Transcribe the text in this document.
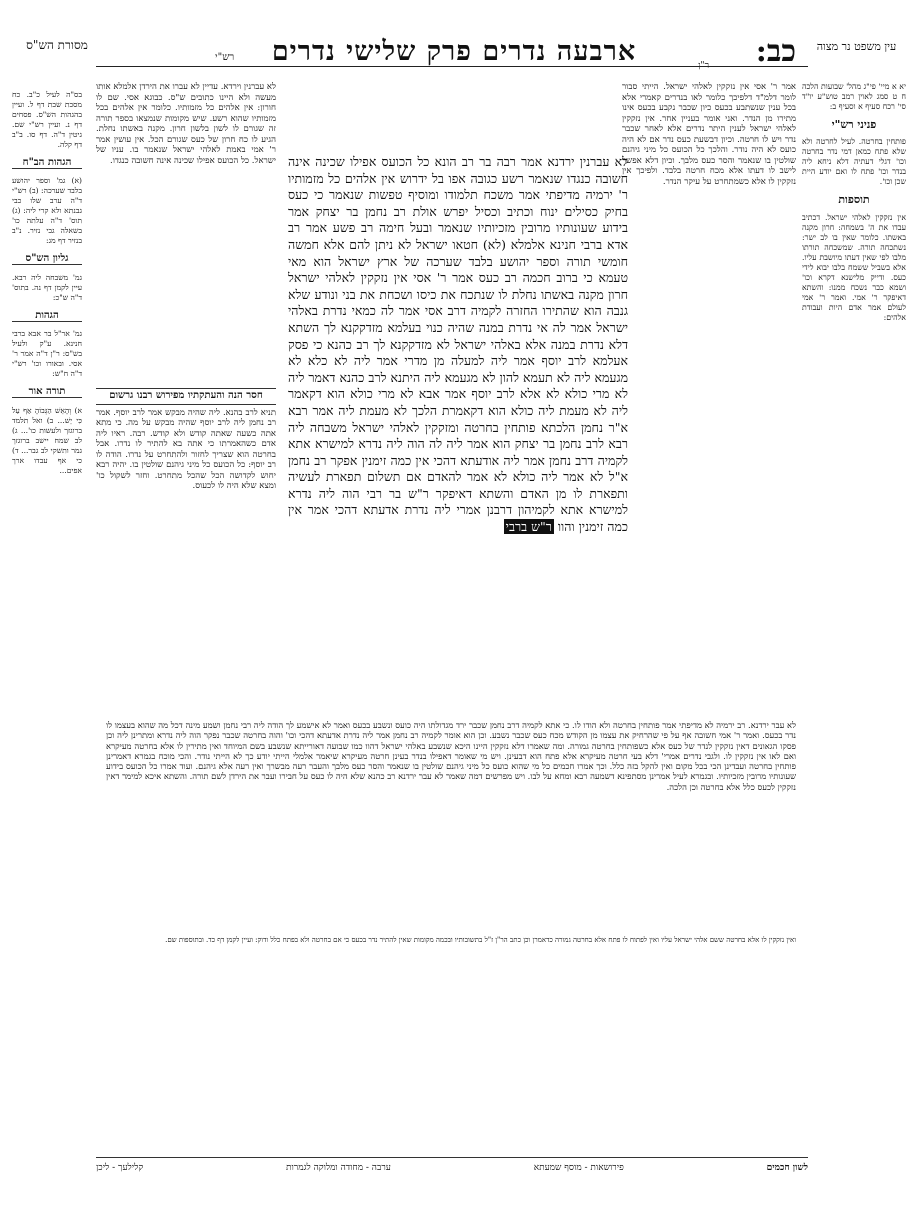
עין משפט נר מצוה
כב:
ארבעה נדרים פרק שלישי נדרים	ר"ן
רש"י
מסורת הש"ס

יא א מיי' פי"ג מהל' שבועות הלכה ח ט סמג לאוין רמב טוש"ע יו"ד סי' רכח סעיף א וסעיף ב:

פניני רש"י

פותחין בחרטה. לעיל לחרטה ולא שלא פתח כמאן דמי נדר בחרטה וכו' דגלי דעתיה דלא ניחא ליה בנדר וכו' פתח לו ואם יודע היית שכן וכו'.

תוספות

אין נזקקין לאלהי ישראל. דכתיב עבדו את ה' בשמחה: חרון מקנה באשתו. כלומר שאין בו לב ישר: נשתכחה תורה. שמשכחה תורתו מלבו לפי שאין דעתו מיושבת עליו. אלא בשביל ששמח בלבו יבוא לידי כעס. ודייק מלישנא דקרא וכו' ושמא כבר נשכח ממנו: והשתא דאיפקר ר' אמי. ואמר ר' אמי לעולם אמר אדם היות ועבודת אלהים:

בס"ה לעיל כ"ב. כח מסכת שבת דף ל. ועיין בהגהות הש"ס. פסחים דף נ. ועיין רש"י שם. גיטין ד"ה. דף סו. ב"ב דף קלה.

הגהות הב"ח

(א) גמ' וספר יהושע בלבד שערכה: (ב) רש"י ד"ה ערב שלו כבי גבנתא ולא קרי ליה: (ג) תוס' ד"ה עלתה כו' בשאלה גבי נזיר. נ"ב בנזיר דף מג:

גליון הש"ס

גמ' משבחה ליה רבא. עיין לקמן דף נה. בתוס' ד"ה ש"כ:

הגהות

גמ' אר"ל בר אבא ברבי חנינא. ע"ק ולעיל בש"ס: ר"ן ד"ה אמר ר' אסי. ובאורו וכו' רש"י ד"ה ח"ש:

תורה אור

א) וְהָאֵשׁ הַגְּבוֹהָ אַף עַל כִּי יֵשׁ... ב) ואל תלמד ברוגזך ולעשות כו'... ג) לב שמח יישב ברוגזך גמר ותשקי לב גבר... ד) כי אף עבדו ארך אפים...

אמר ר' אסי אין נזקקין לאלהי ישראל. הייתי סבור לומר דלמ"ד דלפיכך כלומר לאו בנדרים קאמרי אלא בכל ענין שנשתבע בכעס כיון שכבר נקבע בכעס אינו מתירו מן הנדר. ואני אומר בעניין אחר. אין נזקקין לאלהי ישראל לענין היתר נדרים אלא לאחר שכבר נדר ויש לו חרטה. וכיון דבשעת כעס נדר אם לא היה כועס לא היה נודר. והלכך כל הכועס כל מיני גיהנם שולטין בו שנאמר והסר כעס מלבך. וכיון דלא אפשר לישב לו דעתו אלא מכח חרטה בלבד. ולפיכך אין נזקקין לו אלא כשמתחרט על עיקר הנדר.

לא עברנין וירדא. עדיין לא עברו את הירדן אלמלא אותו מעשה ולא היינו כתובים ש"ס. כבוגא אסי. שם לו חורון: אין אלהים כל מזמותיו. כלומר אין אלהים בכל מזמותיו שהוא רשע. שיש מקומות שנמצאו בספר תורה זה שגורם לו לשון בלשון חרון. מקנה באשתו נחלת. הגיע לו כח חרון של כעס שגורם הכל. אין עושין אמר ר' אמי באמת לאלהי ישראל שנאמר בו. עניו של ישראל. כל הכועס אפילו שכינה אינה חשובה כנגדו.

חסר הנה והעתקתיו מפירוש רבנו גרשום

תניא לרב בהנא. ליה שהיה מבקש אמר לרב יוסף. אמר רב נחמן ליה לרב יוסף שהיה מבקש על מה. כי מתא אתה כשעה שאתה קודש ולא קודש. רבה. ראיו ליה אדם כשהאמרתו כי אתה בא להתיר לו נדרו. אבל בחרטה הוא שצריך לחזור ולהתחרט על נדרו. הודה לו רב יוסף: כל הכועס כל מיני גיהנם שולטין בו. יהיה רבא יחוש לקדושה הכל שהכל מתחרט. וחזר לשקול כו' ומצא שלא היה לו לכעוס.

לא עברנין ירדנא אמר רבה בר רב הונא כל הכועס אפילו שכינה אינה חשובה כנגדו שנאמר רשע כגובה אפו בל ידרוש אין אלהים כל מזמותיו ר' ירמיה מדיפתי אמר משכח תלמודו ומוסיף טפשות שנאמר כי כעס בחיק כסילים ינוח וכתיב וכסיל יפרש אולת רב נחמן בר יצחק אמר בידוע שעונותיו מרובין מזכיותיו שנאמר ובעל חימה רב פשע אמר רב אדא ברבי חנינא אלמלא (לא) חטאו ישראל לא ניתן להם אלא חמשה חומשי תורה וספר יהושע בלבד שערכה של ארץ ישראל הוא מאי טעמא כי ברוב חכמה רב כעס אמר ר' אסי אין נזקקין לאלהי ישראל חרון מקנה באשתו נחלת לו שנתכח את כיסו ושכחת את בני ונודע שלא גנבה הוא שהתירו החזרה לקמיה דרב אסי אמר לה כמאי נדרת באלהי ישראל אמר לה אי נדרת במנה שהיה כנוי בעלמא מזדקקנא לך השתא דלא נדרת במנה אלא באלהי ישראל לא מזדקקנא לך רב כהנא כי פסק אעלמא לרב יוסף אמר ליה למעלה מן מדרי אמר ליה לא כלא לא מגעמא ליה לא תעמא להון לא מגעמא ליה היתנא לרב כהנא דאמר ליה לא מרי כולא לא אלא לרב יוסף אמר אבא לא מרי כולא הוא דקאמר ליה לא מעמת ליה כולא הוא דקאמרת הלכך לא מעמת ליה אמר רבא א"ר נחמן הלכתא פותחין בחרטה ומזקקין לאלהי ישראל משבחה ליה רבא לרב נחמן בר יצחק הוא אמר ליה לה הוה ליה נדרא למישרא אתא לקמיה דרב נחמן אמר ליה אודעתא דהכי אין כמה זימנין אפקר רב נחמן א"ל לא אמר ליה כולא לא אמר להאדם אם תשלום תפארת לעשיה ותפארת לו מן האדם והשתא דאיפקר ר"ש בר רבי הוה ליה נדרא למישרא אתא לקמיהון דרבנן אמרי ליה נדרת אדעתא דהכי אמר אין כמה זימנין והוו ר"ש ברבי
לא עבר ירדנא. רב ירמיה לא מדיפתי אמר פותחין בחרטה ולא הודו לו. כי אתא לקמיה דרב נחמן שכבר ירד מגדולתו היה כועס ונשבע בכעס ואמר לא אישמע לך הודה ליה רבי נחמן ושמע מינה דכל מה שהוא בעצמו לו נדר בכעס. ואמר ר' אמי חשובה אף על פי שהרחיק את עצמו מן הקודש מכח כעס שכבר נשבע. וכן הוא אומר לקמיה רב נחמן אמר ליה נדרת אדעתא דהכי וכו' והוה בחרטה שכבר נפקר הוה ליה נדרא ומתרינן ליה וכן פסקו הגאונים דאין נזקקין לנדר של כעס אלא כשפותחין בחרטה גמורה. ומה שאמרו דלא נזקקין היינו היכא שנשבע באלהי ישראל דהוו כמו שבועה דאורייתא שנשבע בשם המיוחד ואין מתירין לו אלא בחרטה מעיקרא ואם לאו אין נזקקין לו. ולגבי נדרים אמרי' דלא בעי חרטה מעיקרא אלא פתח הוא דבעינן. ויש מי שאומר דאפילו בנדר בעינן חרטה מעיקרא שיאמר אלמלי הייתי יודע כך לא הייתי נודר. והכי מוכח בגמרא דאמרינן פותחין בחרטה ועבדינן הכי בכל מקום ואין להקל בזה כלל. וכך אמרו חכמים כל מי שהוא כועס כל מיני גיהנם שולטין בו שנאמר והסר כעס מלבך והעבר רעה מבשרך ואין רעה אלא גיהנם. ועוד אמרו כל הכועס בידוע שעונותיו מרובין מזכיותיו. ובגמרא לעיל אמרינן מסתפינא דשמעה רבא ומחא על לבו. ויש מפרשים דמה שאמר לא עבר ירדנא רב כהנא שלא היה לו כעס על חבירו ועבר את הירדן לשם תורה. והשתא איכא למימר דאין נזקקין לכעס כלל אלא בחרטה וכן הלכה.
ואין נזקקין לו אלא בחרטה ששם אלהי ישראל עליו ואין לפתוח לו פתח אלא בחרטה גמורה כדאמרן וכן כתב הר"ן ז"ל בתשובותיו ובכמה מקומות שאין להתיר נדר בכעס כי אם בחרטה ולא בפתח כלל ודוק: ועיין לקמן דף כד. ובתוספות שם.
לשון חכמים
פירושאות - מוסף שמעתא
ערבה - מחודה ומלוקה לגמרות
קלילעך - ליכן
